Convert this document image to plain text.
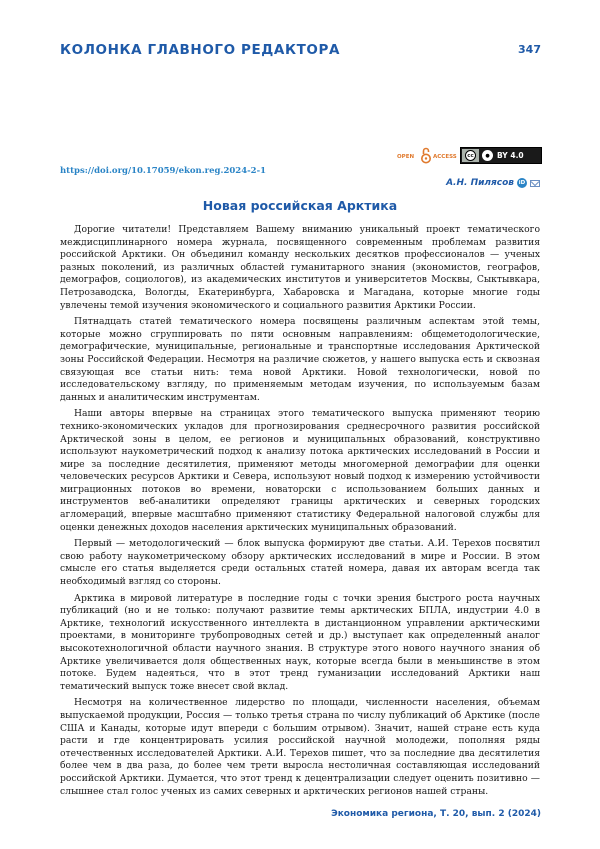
КОЛОНКА ГЛАВНОГО РЕДАКТОРА	347
OPEN	ACCESS	cc	● BY 4.0
https://doi.org/10.17059/ekon.reg.2024-2-1
А.Н. Пилясов iD
Новая российская Арктика

Дорогие читатели! Представляем Вашему вниманию уникальный проект тематического междисциплинарного номера журнала, посвященного современным проблемам развития российской Арктики. Он объединил команду нескольких десятков профессионалов — ученых разных поколений, из различных областей гуманитарного знания (экономистов, географов, демографов, социологов), из академических институтов и университетов Москвы, Сыктывкара, Петрозаводска, Вологды, Екатеринбурга, Хабаровска и Магадана, которые многие годы увлечены темой изучения экономического и социального развития Арктики России.

Пятнадцать статей тематического номера посвящены различным аспектам этой темы, которые можно сгруппировать по пяти основным направлениям: общеметодологические, демографические, муниципальные, региональные и транспортные исследования Арктической зоны Российской Федерации. Несмотря на различие сюжетов, у нашего выпуска есть и сквозная связующая все статьи нить: тема новой Арктики. Новой технологически, новой по исследовательскому взгляду, по применяемым методам изучения, по используемым базам данных и аналитическим инструментам.

Наши авторы впервые на страницах этого тематического выпуска применяют теорию технико-экономических укладов для прогнозирования среднесрочного развития российской Арктической зоны в целом, ее регионов и муниципальных образований, конструктивно используют наукометрический подход к анализу потока арктических исследований в России и мире за последние десятилетия, применяют методы многомерной демографии для оценки человеческих ресурсов Арктики и Севера, используют новый подход к измерению устойчивости миграционных потоков во времени, новаторски с использованием больших данных и инструментов веб-аналитики определяют границы арктических и северных городских агломераций, впервые масштабно применяют статистику Федеральной налоговой службы для оценки денежных доходов населения арктических муниципальных образований.

Первый — методологический — блок выпуска формируют две статьи. А.И. Терехов посвятил свою работу наукометрическому обзору арктических исследований в мире и России. В этом смысле его статья выделяется среди остальных статей номера, давая их авторам всегда так необходимый взгляд со стороны.

Арктика в мировой литературе в последние годы с точки зрения быстрого роста научных публикаций (но и не только: получают развитие темы арктических БПЛА, индустрии 4.0 в Арктике, технологий искусственного интеллекта в дистанционном управлении арктическими проектами, в мониторинге трубопроводных сетей и др.) выступает как определенный аналог высокотехнологичной области научного знания. В структуре этого нового научного знания об Арктике увеличивается доля общественных наук, которые всегда были в меньшинстве в этом потоке. Будем надеяться, что в этот тренд гуманизации исследований Арктики наш тематический выпуск тоже внесет свой вклад.

Несмотря на количественное лидерство по площади, численности населения, объемам выпускаемой продукции, Россия — только третья страна по числу публикаций об Арктике (после США и Канады, которые идут впереди с большим отрывом). Значит, нашей стране есть куда расти и где концентрировать усилия российской научной молодежи, пополняя ряды отечественных исследователей Арктики. А.И. Терехов пишет, что за последние два десятилетия более чем в два раза, до более чем трети выросла нестоличная составляющая исследований российской Арктики. Думается, что этот тренд к децентрализации следует оценить позитивно — слышнее стал голос ученых из самих северных и арктических регионов нашей страны.

Экономика региона, Т. 20, вып. 2 (2024)
